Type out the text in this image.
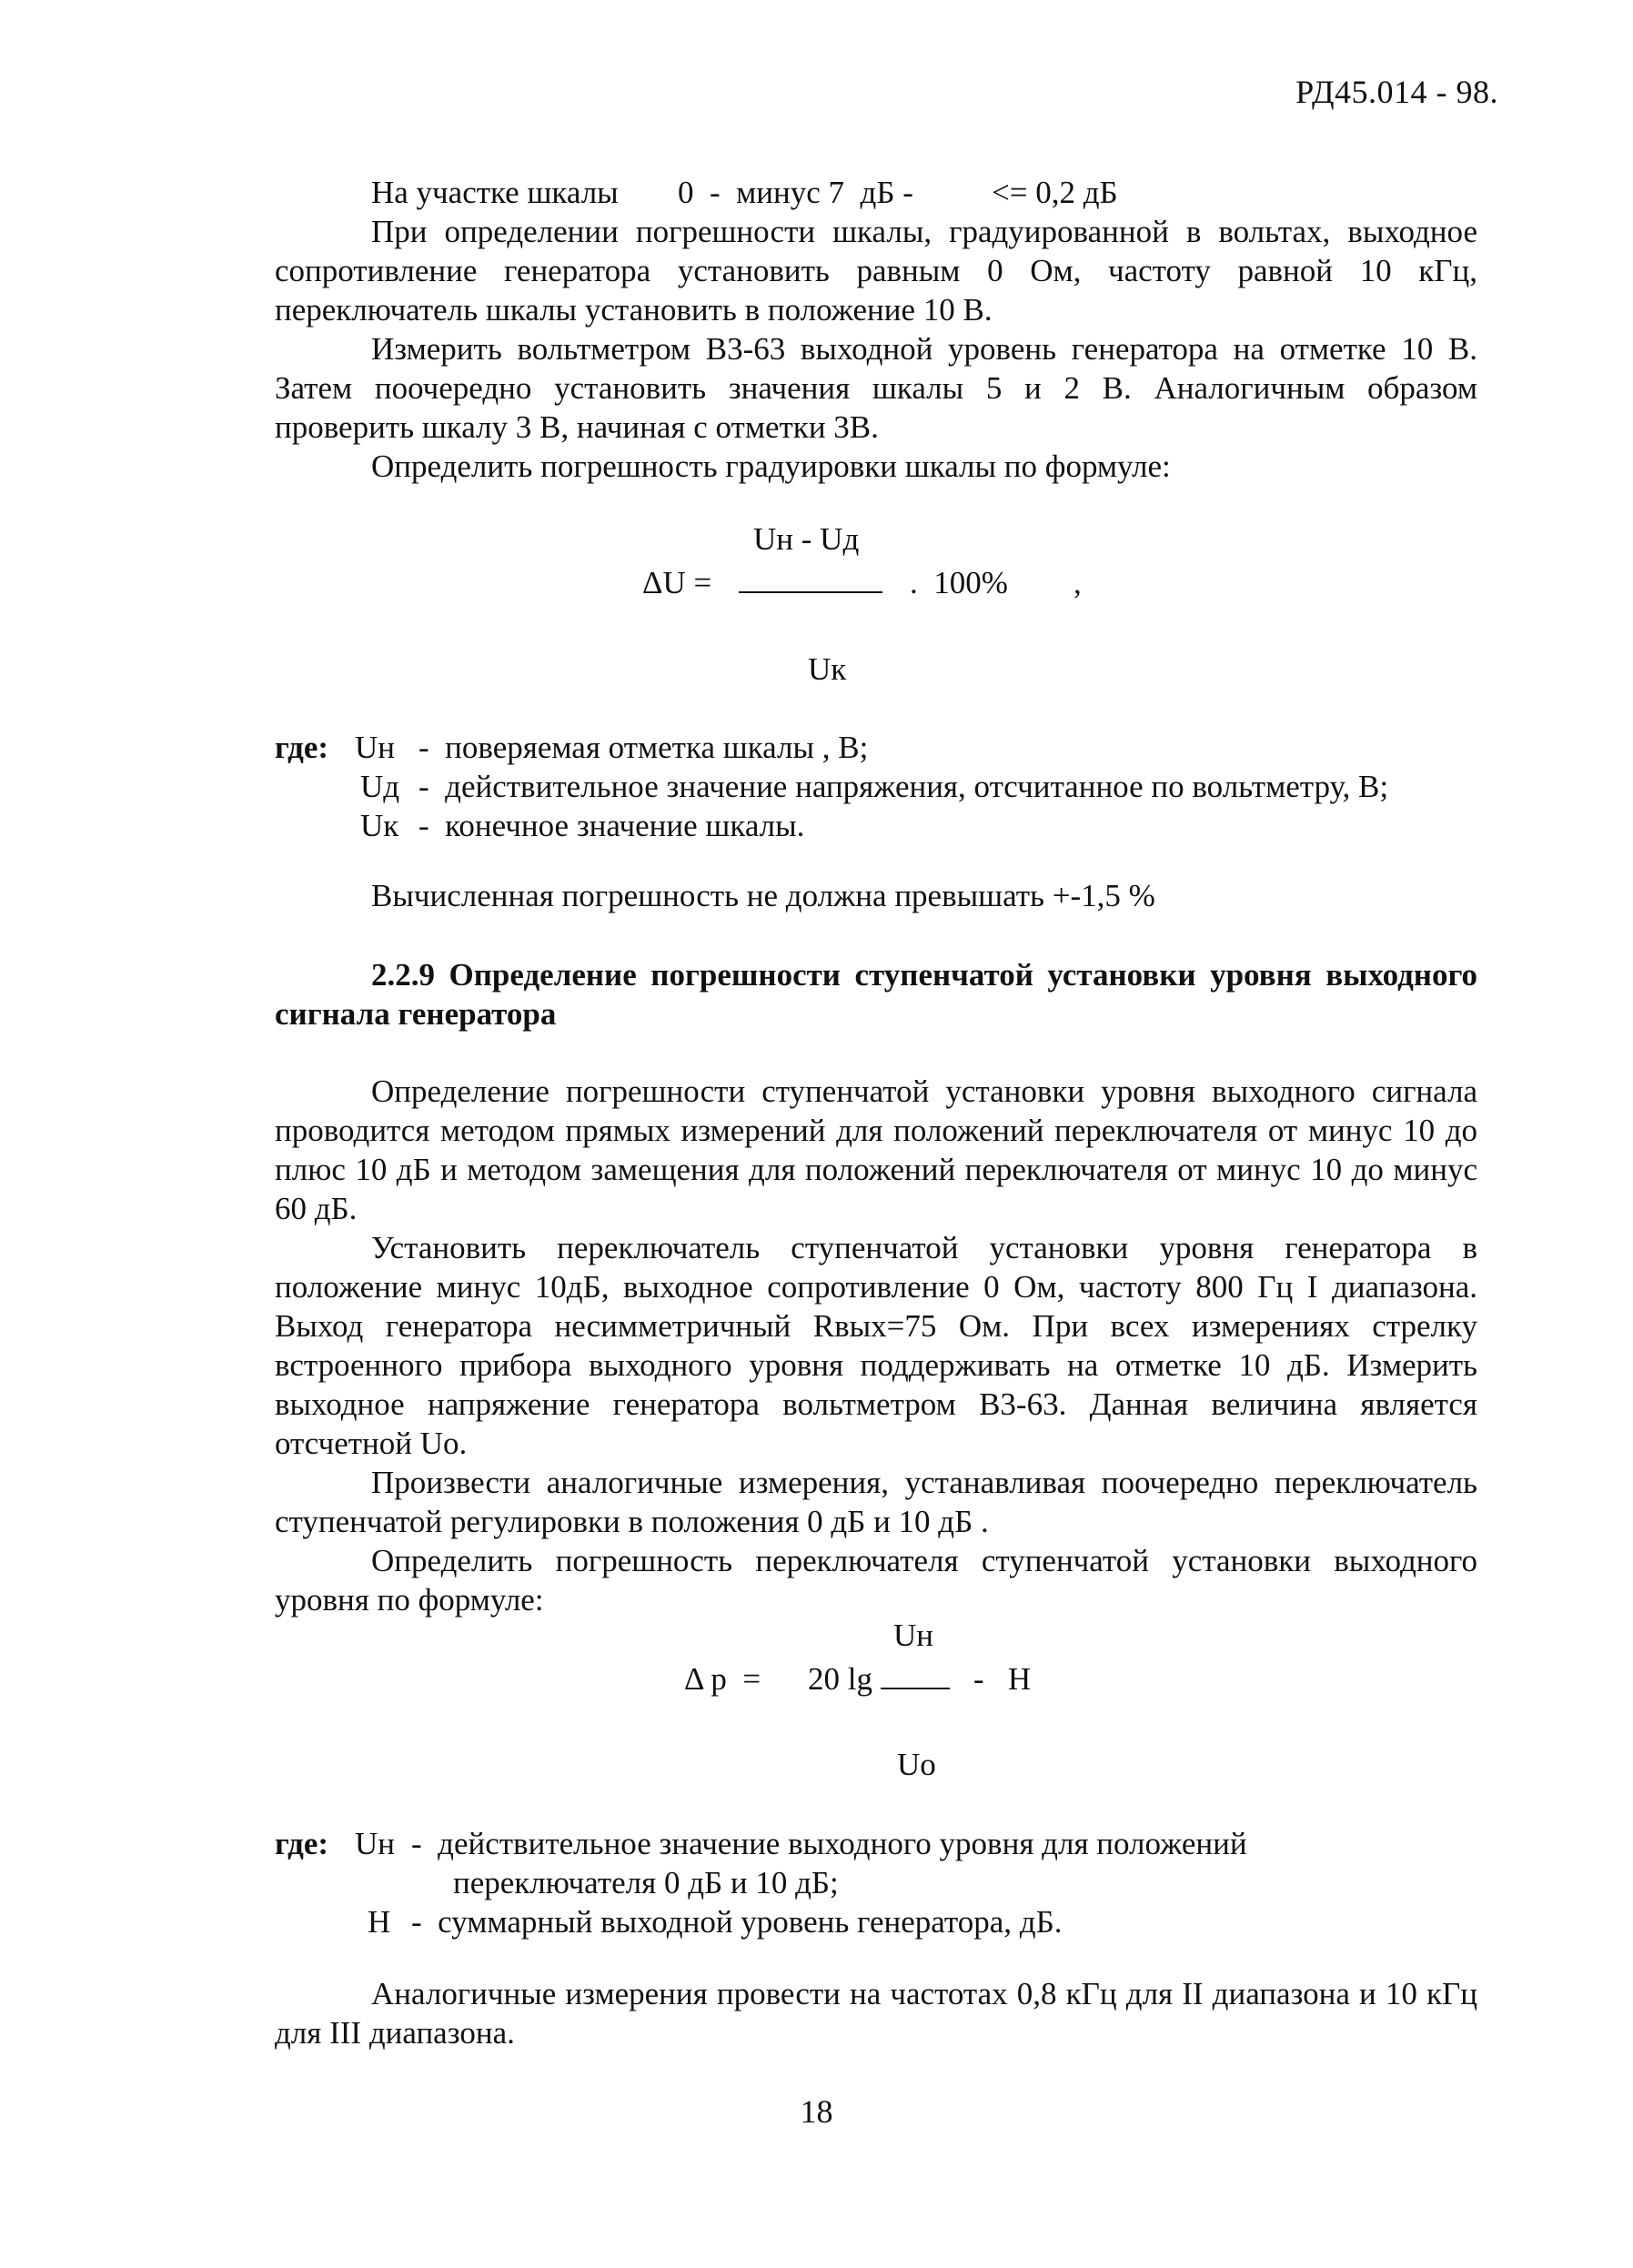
РД45.014 - 98.
На участке шкалы 0  -  минус 7  дБ - <= 0,2 дБ

При определении погрешности шкалы, градуированной в вольтах, выходное сопротивление генератора установить равным 0 Ом, частоту равной 10 кГц, переключатель шкалы установить в положение 10 В.

Измерить вольтметром В3-63 выходной уровень генератора на отметке 10 В. Затем поочередно установить значения шкалы 5 и 2 В. Аналогичным образом проверить шкалу 3 В, начиная с отметки 3В.

Определить погрешность градуировки шкалы по формуле:

Uн - Uд
ΔU =	.  100% ,
Uк
где: Uн -  поверяемая отметка шкалы , В;
Uд -  действительное значение напряжения, отсчитанное по вольтметру, В;
Uк -  конечное значение шкалы.
Вычисленная погрешность не должна превышать +-1,5 %

2.2.9 Определение погрешности ступенчатой установки уровня выходного сигнала генератора

Определение погрешности ступенчатой установки уровня выходного сигнала проводится методом прямых измерений для положений переключателя от минус 10 до плюс 10 дБ и методом замещения для положений переключателя от минус 10 до минус 60 дБ.

Установить переключатель ступенчатой установки уровня генератора в положение минус 10дБ, выходное сопротивление 0 Ом, частоту 800 Гц I диапазона. Выход генератора несимметричный Rвых=75 Ом. При всех измерениях стрелку встроенного прибора выходного уровня поддерживать на отметке 10 дБ. Измерить выходное напряжение генератора вольтметром В3-63. Данная величина является отсчетной Uо.

Произвести аналогичные измерения, устанавливая поочередно переключатель ступенчатой регулировки в положения 0 дБ и 10 дБ .

Определить погрешность переключателя ступенчатой установки выходного уровня по формуле:

Uн
Δ р  = 20 lg	-   Н
Uо
где: Uн -  действительное значение выходного уровня для положений
переключателя 0 дБ и 10 дБ;
Н -  суммарный выходной уровень генератора, дБ.

Аналогичные измерения провести на частотах 0,8 кГц для II диапазона и 10 кГц для III диапазона.

18
